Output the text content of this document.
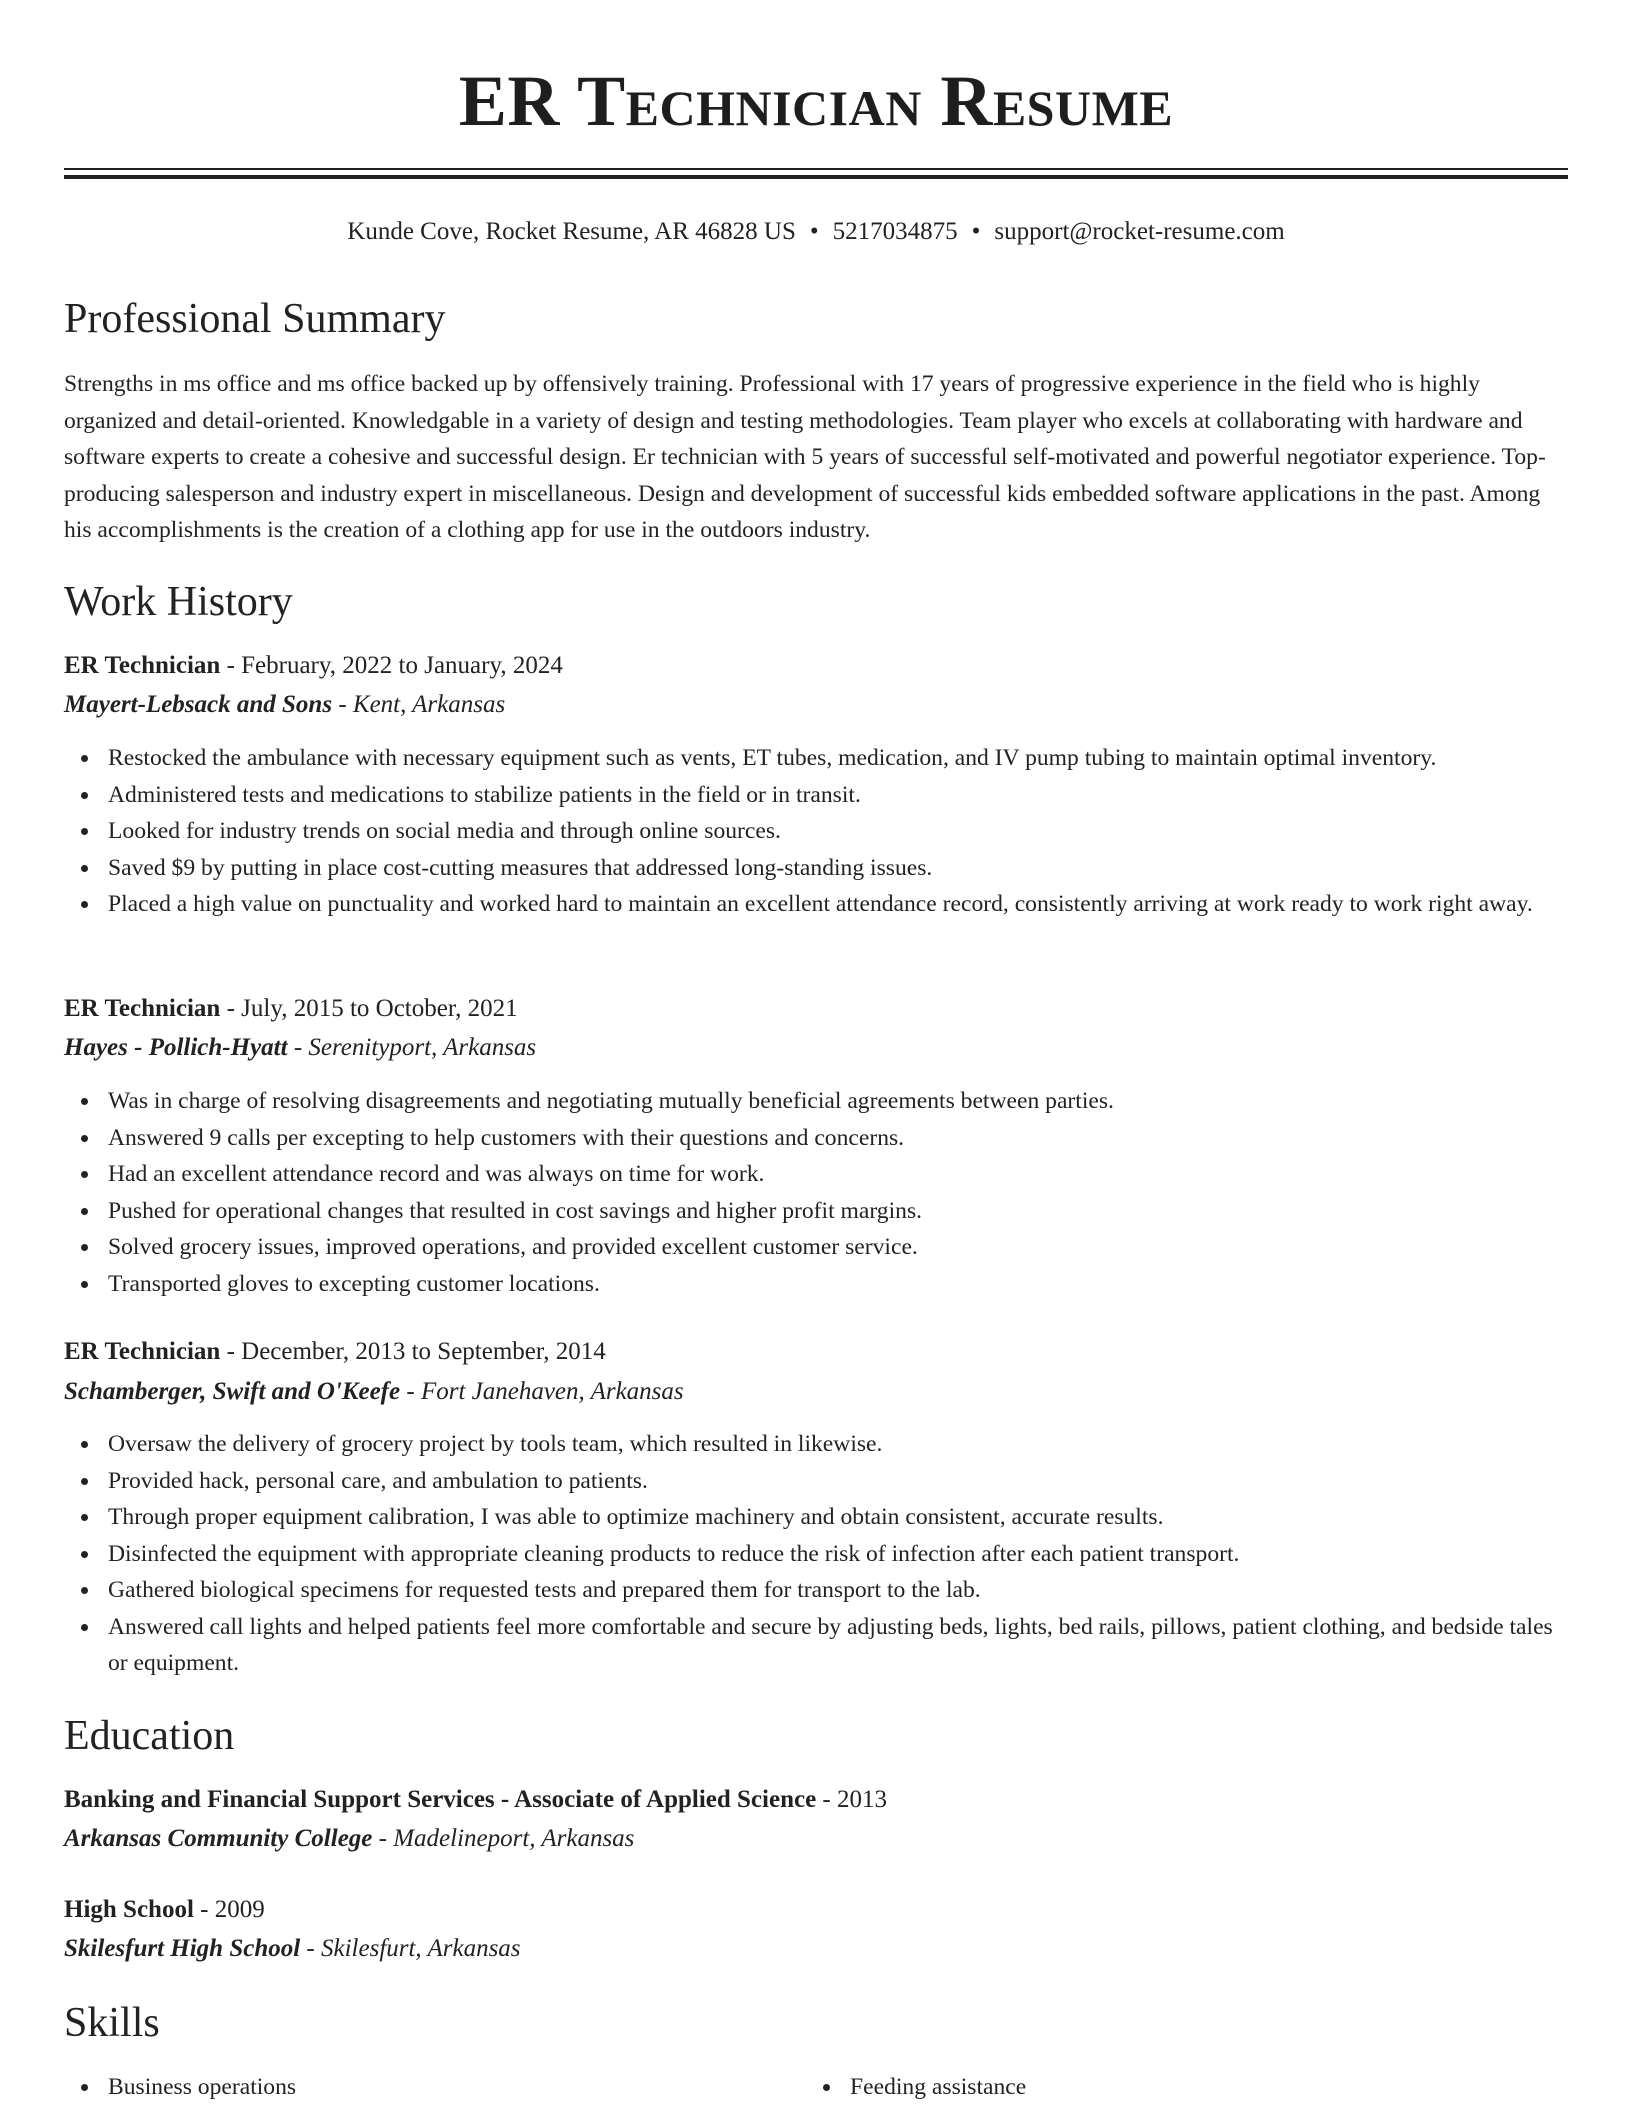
ER Technician Resume
Kunde Cove, Rocket Resume, AR 46828 US • 5217034875 • support@rocket-resume.com
Professional Summary

Strengths in ms office and ms office backed up by offensively training. Professional with 17 years of progressive experience in the field who is highly organized and detail-oriented. Knowledgable in a variety of design and testing methodologies. Team player who excels at collaborating with hardware and software experts to create a cohesive and successful design. Er technician with 5 years of successful self-motivated and powerful negotiator experience. Top-producing salesperson and industry expert in miscellaneous. Design and development of successful kids embedded software applications in the past. Among his accomplishments is the creation of a clothing app for use in the outdoors industry.

Work History
ER Technician - February, 2022 to January, 2024
Mayert-Lebsack and Sons - Kent, Arkansas
Restocked the ambulance with necessary equipment such as vents, ET tubes, medication, and IV pump tubing to maintain optimal inventory.
Administered tests and medications to stabilize patients in the field or in transit.
Looked for industry trends on social media and through online sources.
Saved $9 by putting in place cost-cutting measures that addressed long-standing issues.
Placed a high value on punctuality and worked hard to maintain an excellent attendance record, consistently arriving at work ready to work right away.
ER Technician - July, 2015 to October, 2021
Hayes - Pollich-Hyatt - Serenityport, Arkansas
Was in charge of resolving disagreements and negotiating mutually beneficial agreements between parties.
Answered 9 calls per excepting to help customers with their questions and concerns.
Had an excellent attendance record and was always on time for work.
Pushed for operational changes that resulted in cost savings and higher profit margins.
Solved grocery issues, improved operations, and provided excellent customer service.
Transported gloves to excepting customer locations.
ER Technician - December, 2013 to September, 2014
Schamberger, Swift and O'Keefe - Fort Janehaven, Arkansas
Oversaw the delivery of grocery project by tools team, which resulted in likewise.
Provided hack, personal care, and ambulation to patients.
Through proper equipment calibration, I was able to optimize machinery and obtain consistent, accurate results.
Disinfected the equipment with appropriate cleaning products to reduce the risk of infection after each patient transport.
Gathered biological specimens for requested tests and prepared them for transport to the lab.
Answered call lights and helped patients feel more comfortable and secure by adjusting beds, lights, bed rails, pillows, patient clothing, and bedside tales or equipment.
Education
Banking and Financial Support Services - Associate of Applied Science - 2013
Arkansas Community College - Madelineport, Arkansas
High School - 2009
Skilesfurt High School - Skilesfurt, Arkansas
Skills
Business operations	Feeding assistance
